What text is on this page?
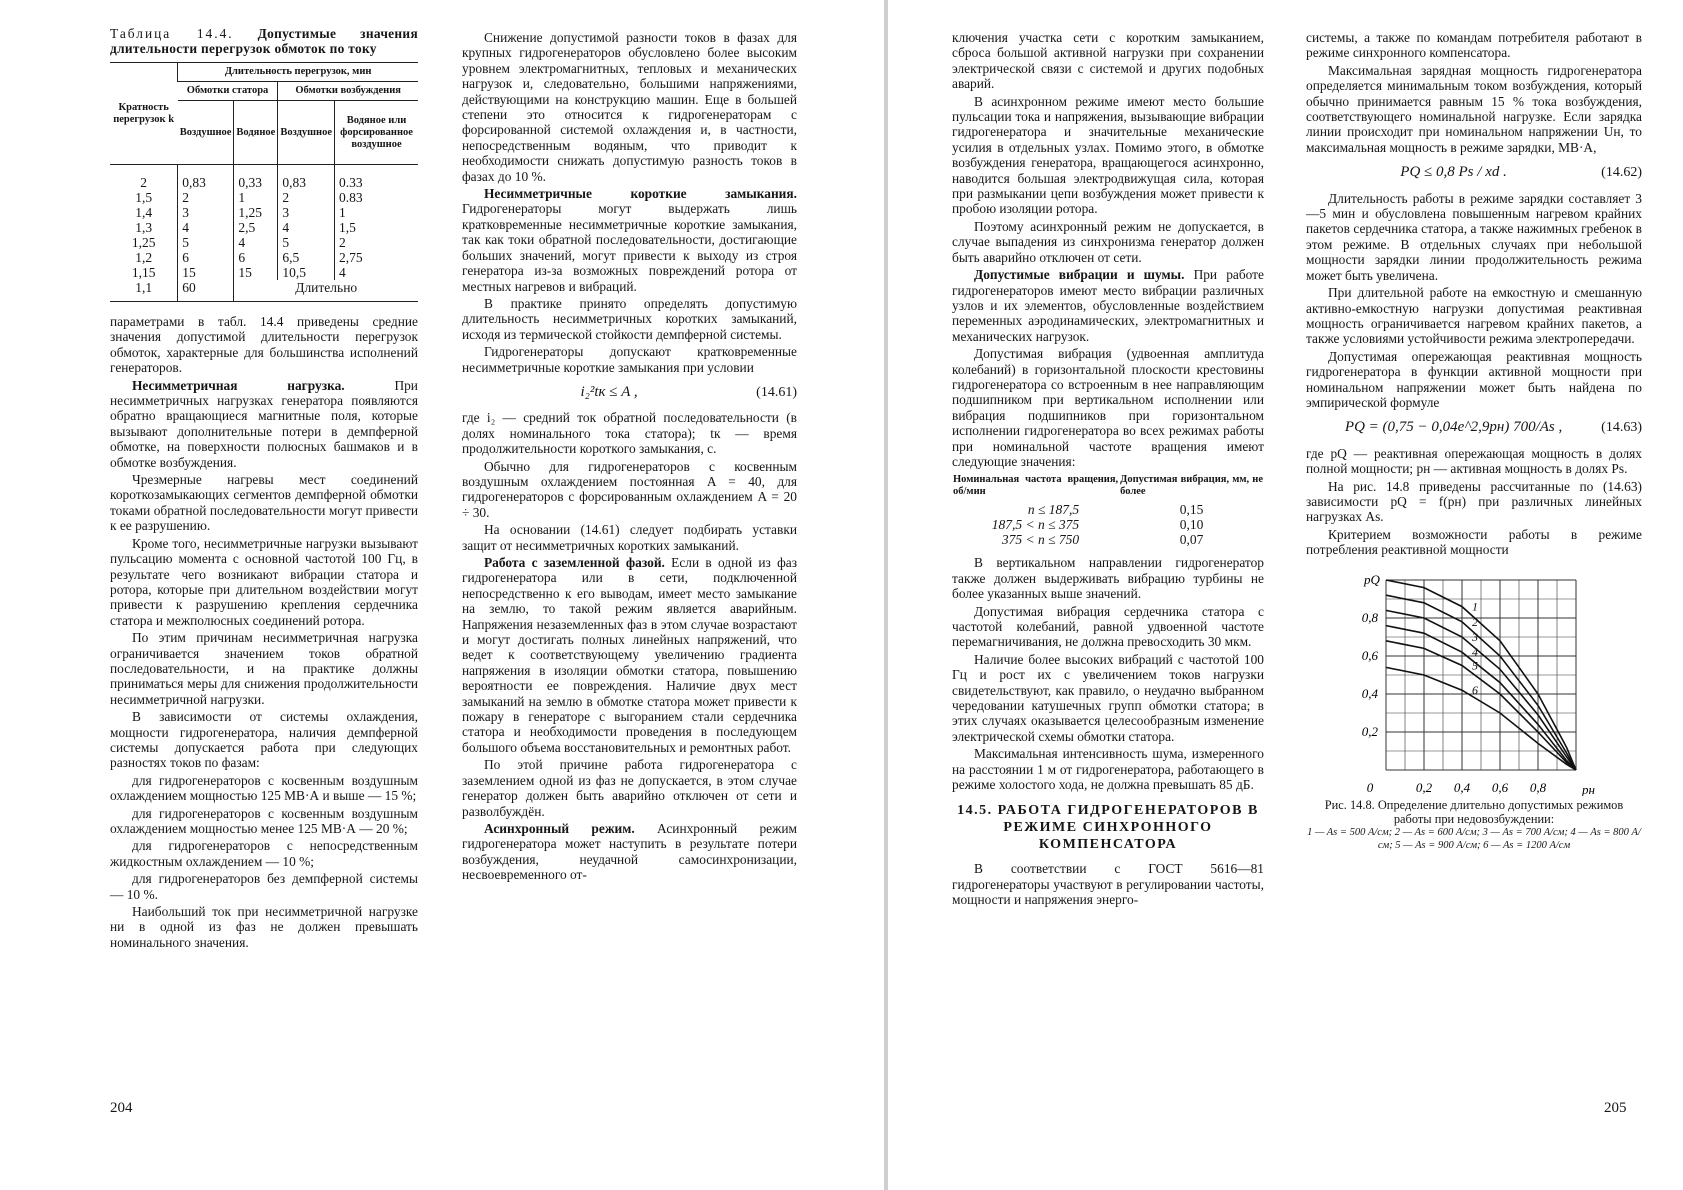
Таблица 14.4. Допустимые значения длительности перегрузок обмоток по току
Кратность перегрузок k	Длительность перегрузок, мин			
	Обмотки статора		Обмотки возбуждения	
	Воздушное	Водяное	Воздушное	Водяное или форсированное воздушное
2	0,83	0,33	0,83	0.33
1,5	2	1	2	0.83
1,4	3	1,25	3	1
1,3	4	2,5	4	1,5
1,25	5	4	5	2
1,2	6	6	6,5	2,75
1,15	15	15	10,5	4
1,1	60	Длительно		

параметрами в табл. 14.4 приведены средние значения допустимой длительности перегрузок обмоток, характерные для большинства исполнений генераторов.

Несимметричная нагрузка.	При несимметричных нагрузках генератора появляются обратно вращающиеся магнитные поля, которые вызывают дополнительные потери в демпферной обмотке, на поверхности полюсных башмаков и в обмотке возбуждения.

Чрезмерные нагревы мест соединений короткозамыкающих сегментов демпферной обмотки токами обратной последовательности могут привести к ее разрушению.

Кроме того, несимметричные нагрузки вызывают пульсацию момента с основной частотой 100 Гц, в результате чего возникают вибрации статора и ротора, которые при длительном воздействии могут привести к разрушению крепления сердечника статора и межполюсных соединений ротора.

По этим причинам несимметричная нагрузка ограничивается значением токов обратной последовательности, и на практике должны приниматься меры для снижения продолжительности несимметричной нагрузки.

В зависимости от системы охлаждения, мощности гидрогенератора, наличия демпферной системы допускается работа при следующих разностях токов по фазам:

для гидрогенераторов с косвенным воздушным охлаждением мощностью 125 МВ·А и выше — 15 %;

для гидрогенераторов с косвенным воздушным охлаждением мощностью менее 125 МВ·А — 20 %;

для гидрогенераторов с непосредственным жидкостным охлаждением — 10 %;

для гидрогенераторов без демпферной системы — 10 %.

Наибольший ток при несимметричной нагрузке ни в одной из фаз не должен превышать номинального значения.

Снижение допустимой разности токов в фазах для крупных гидрогенераторов обусловлено более высоким уровнем электромагнитных, тепловых и механических нагрузок и, следовательно, большими напряжениями, действующими на конструкцию машин. Еще в большей степени это относится к гидрогенераторам с форсированной системой охлаждения и, в частности, непосредственным водяным, что приводит к необходимости снижать допустимую разность токов в фазах до 10 %.

Несимметричные короткие замыкания. Гидрогенераторы могут выдержать лишь кратковременные несимметричные короткие замыкания, так как токи обратной последовательности, достигающие больших значений, могут привести к выходу из строя генератора из-за возможных повреждений ротора от местных нагревов и вибраций.

В практике принято определять допустимую длительность несимметричных коротких замыканий, исходя из термической стойкости демпферной системы.

Гидрогенераторы допускают кратковременные несимметричные короткие замыкания при условии

i₂²tк ≤ A ,	(14.61)

где i₂ — средний ток обратной последовательности (в долях номинального тока статора); tк — время продолжительности короткого замыкания, с.

Обычно для гидрогенераторов с косвенным воздушным охлаждением постоянная A = 40, для гидрогенераторов с форсированным охлаждением A = 20 ÷ 30.

На основании (14.61) следует подбирать уставки защит от несимметричных коротких замыканий.

Работа с заземленной фазой. Если в одной из фаз гидрогенератора или в сети, подключенной непосредственно к его выводам, имеет место замыкание на землю, то такой режим является аварийным. Напряжения незаземленных фаз в этом случае возрастают и могут достигать полных линейных напряжений, что ведет к соответствующему увеличению градиента напряжения в изоляции обмотки статора, повышению вероятности ее повреждения. Наличие двух мест замыканий на землю в обмотке статора может привести к пожару в генераторе с выгоранием стали сердечника статора и необходимости проведения в последующем большого объема восстановительных и ремонтных работ.

По этой причине работа гидрогенератора с заземлением одной из фаз не допускается, в этом случае генератор должен быть аварийно отключен от сети и разволбуждён.

Асинхронный режим. Асинхронный режим гидрогенератора может наступить в результате потери возбуждения, неудачной самосинхронизации, несвоевременного от-

204

ключения участка сети с коротким замыканием, сброса большой активной нагрузки при сохранении электрической связи с системой и других подобных аварий.

В асинхронном режиме имеют место большие пульсации тока и напряжения, вызывающие вибрации гидрогенератора и значительные механические усилия в отдельных узлах. Помимо этого, в обмотке возбуждения генератора, вращающегося асинхронно, наводится большая электродвижущая сила, которая при размыкании цепи возбуждения может привести к пробою изоляции ротора.

Поэтому асинхронный режим не допускается, в случае выпадения из синхронизма генератор должен быть аварийно отключен от сети.

Допустимые вибрации и шумы. При работе гидрогенераторов имеют место вибрации различных узлов и их элементов, обусловленные воздействием переменных аэродинамических, электромагнитных и механических нагрузок.

Допустимая вибрация (удвоенная амплитуда колебаний) в горизонтальной плоскости крестовины гидрогенератора со встроенным в нее направляющим подшипником при вертикальном исполнении или вибрация подшипников при горизонтальном исполнении гидрогенератора во всех режимах работы при номинальной частоте вращения имеют следующие значения:

Номинальная частота вращения, об/мин	Допустимая вибрация, мм, не более
n ≤ 187,5	0,15
187,5 < n ≤ 375	0,10
375 < n ≤ 750	0,07

В вертикальном направлении гидрогенератор также должен выдерживать вибрацию турбины не более указанных выше значений.

Допустимая вибрация сердечника статора с частотой колебаний, равной удвоенной частоте перемагничивания, не должна превосходить 30 мкм.

Наличие более высоких вибраций с частотой 100 Гц и рост их с увеличением токов нагрузки свидетельствуют, как правило, о неудачно выбранном чередовании катушечных групп обмотки статора; в этих случаях оказывается целесообразным изменение электрической схемы обмотки статора.

Максимальная интенсивность шума, измеренного на расстоянии 1 м от гидрогенератора, работающего в режиме холостого хода, не должна превышать 85 дБ.

14.5. РАБОТА ГИДРОГЕНЕРАТОРОВ В РЕЖИМЕ СИНХРОННОГО КОМПЕНСАТОРА

В соответствии с ГОСТ 5616—81 гидрогенераторы участвуют в регулировании частоты, мощности и напряжения энерго-

системы, а также по командам потребителя работают в режиме синхронного компенсатора.

Максимальная зарядная мощность гидрогенератора определяется минимальным током возбуждения, который обычно принимается равным 15 % тока возбуждения, соответствующего номинальной нагрузке. Если зарядка линии происходит при номинальном напряжении Uн, то максимальная мощность в режиме зарядки, МВ·А,

PQ ≤ 0,8 Ps / xd .	(14.62)

Длительность работы в режиме зарядки составляет 3—5 мин и обусловлена повышенным нагревом крайних пакетов сердечника статора, а также нажимных гребенок в этом режиме. В отдельных случаях при небольшой мощности зарядки линии продолжительность режима может быть увеличена.

При длительной работе на емкостную и смешанную активно-емкостную нагрузки допустимая реактивная мощность ограничивается нагревом крайних пакетов, а также условиями устойчивости режима электропередачи.

Допустимая опережающая реактивная мощность гидрогенератора в функции активной мощности при номинальном напряжении может быть найдена по эмпирической формуле

PQ = (0,75 − 0,04e^2,9pн) 700/As ,	(14.63)

где pQ — реактивная опережающая мощность в долях полной мощности; pн — активная мощность в долях Ps.

На рис. 14.8 приведены рассчитанные по (14.63) зависимости pQ = f(pн) при различных линейных нагрузках As.

Критерием возможности работы в режиме потребления реактивной мощности

pQ
0,2
0,4
0,6
0,8
0	0,2 0,4 0,6 0,8	pн
1
2
3
4
5
6
Рис. 14.8. Определение длительно допустимых режимов работы при недовозбуждении:
1 — As = 500 А/см; 2 — As = 600 А/см; 3 — As = 700 А/см; 4 — As = 800 А/см; 5 — As = 900 А/см; 6 — As = 1200 А/см
205
